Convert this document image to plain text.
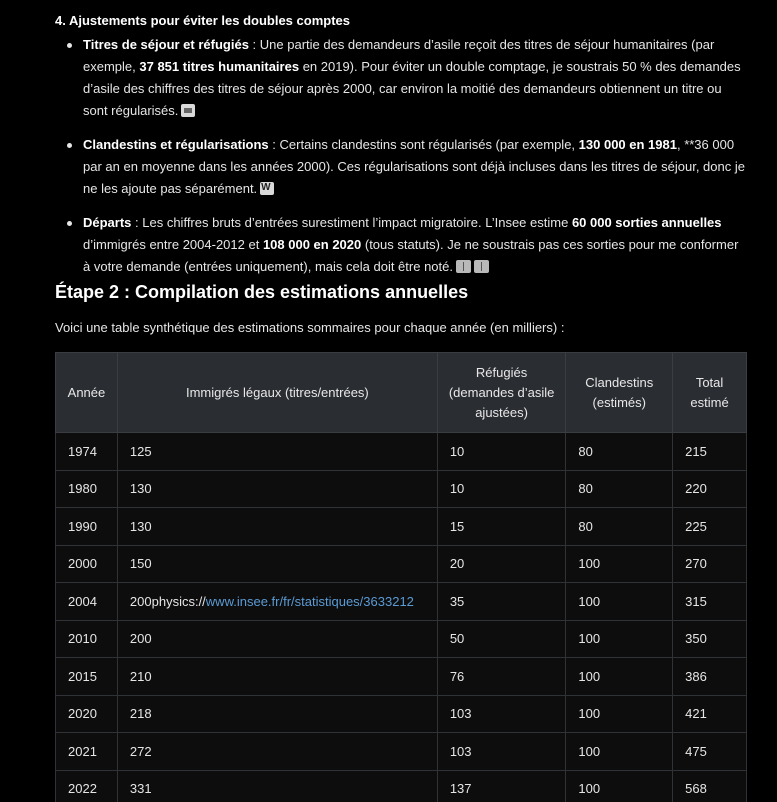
4. Ajustements pour éviter les doubles comptes
Titres de séjour et réfugiés : Une partie des demandeurs d’asile reçoit des titres de séjour humanitaires (par exemple, 37 851 titres humanitaires en 2019). Pour éviter un double comptage, je soustrais 50 % des demandes d’asile des chiffres des titres de séjour après 2000, car environ la moitié des demandeurs obtiennent un titre ou sont régularisés.
Clandestins et régularisations : Certains clandestins sont régularisés (par exemple, 130 000 en 1981, **36 000 par an en moyenne dans les années 2000). Ces régularisations sont déjà incluses dans les titres de séjour, donc je ne les ajoute pas séparément.W
Départs : Les chiffres bruts d’entrées surestiment l’impact migratoire. L’Insee estime 60 000 sorties annuelles d’immigrés entre 2004-2012 et 108 000 en 2020 (tous statuts). Je ne soustrais pas ces sorties pour me conformer à votre demande (entrées uniquement), mais cela doit être noté.
Étape 2 : Compilation des estimations annuelles
Voici une table synthétique des estimations sommaires pour chaque année (en milliers) :
Année	Immigrés légaux (titres/entrées)	Réfugiés (demandes d’asile ajustées)	Clandestins (estimés)	Total estimé
1974	125	10	80	215
1980	130	10	80	220
1990	130	15	80	225
2000	150	20	100	270
2004	200physics://www.insee.fr/fr/statistiques/3633212	35	100	315
2010	200	50	100	350
2015	210	76	100	386
2020	218	103	100	421
2021	272	103	100	475
2022	331	137	100	568
